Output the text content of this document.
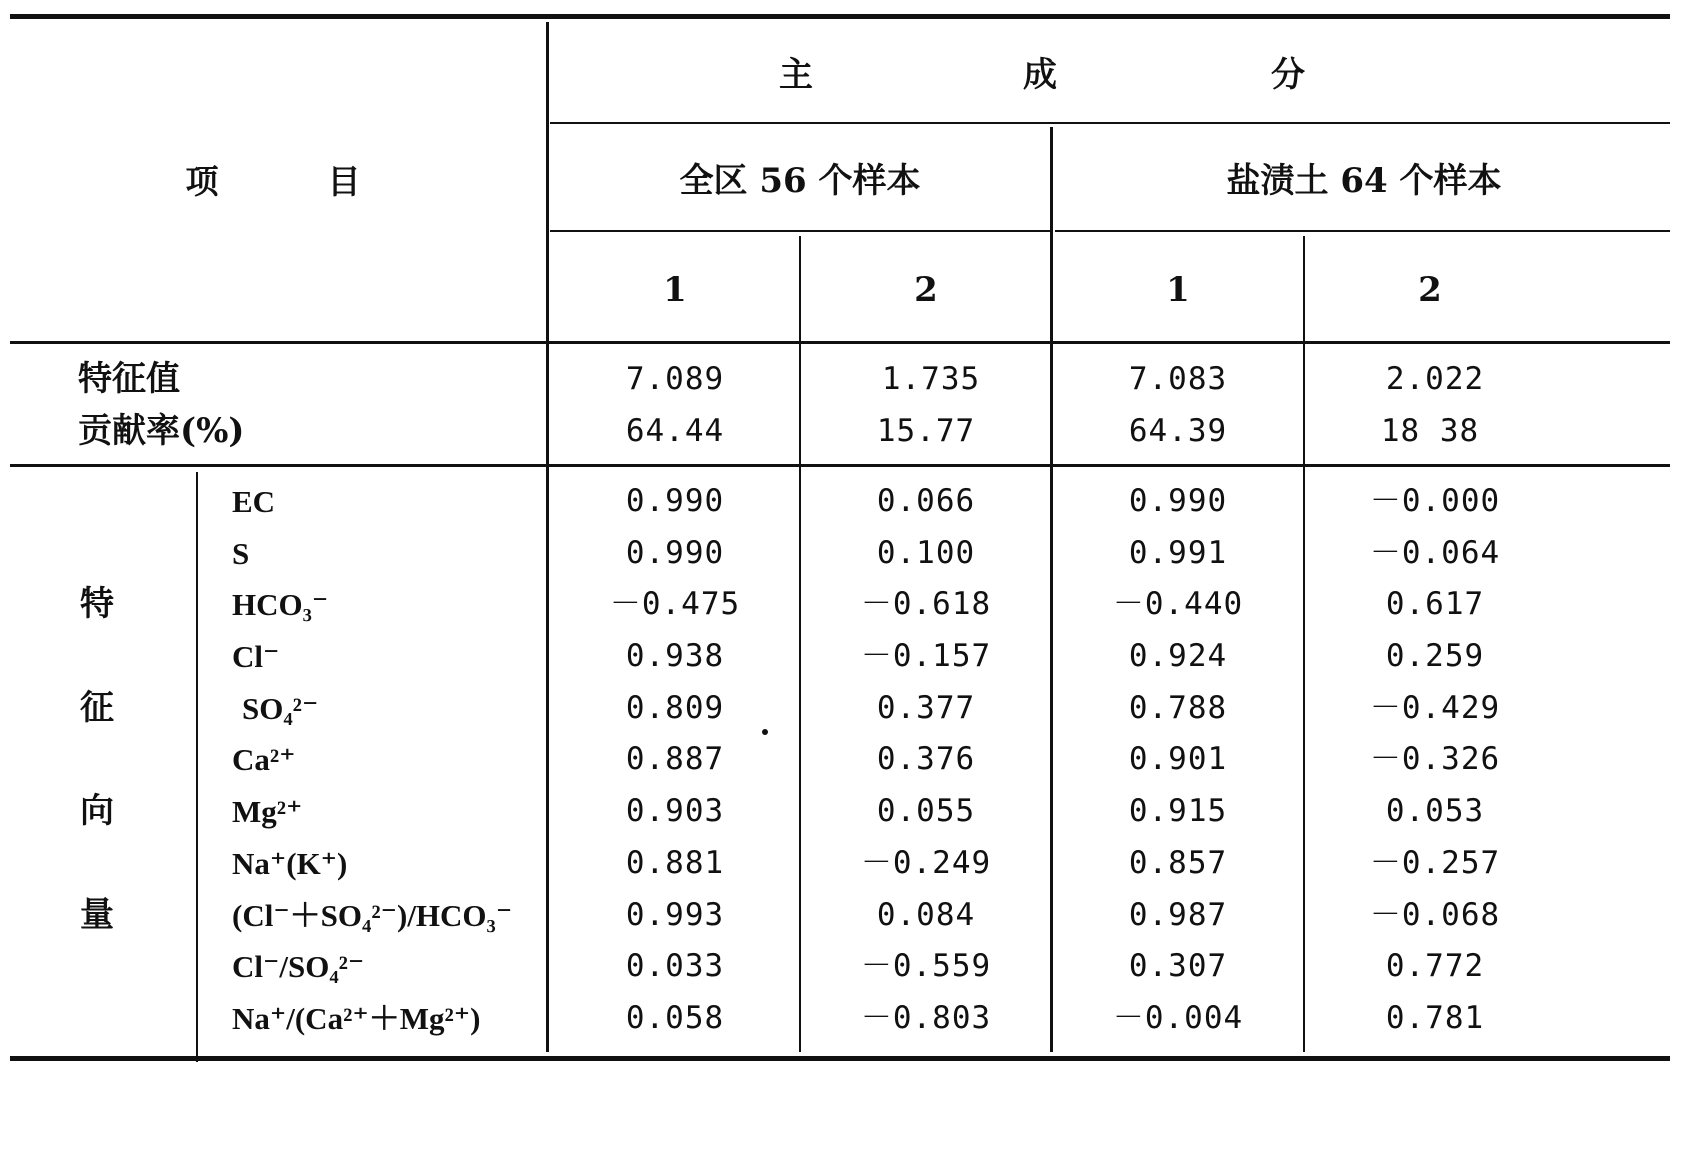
项	目
主	成	分
全区 56 个样本	盐渍土 64 个样本
1	2	1	2
特征值	7.089	1.735	7.083	2.022
贡献率(%)	64.44	15.77	64.39	18 38
特
征
向
量
EC	0.990	0.066	0.990	－0.000
S	0.990	0.100	0.991	－0.064
HCO₃⁻	－0.475	－0.618	－0.440	0.617
Cl⁻	0.938	－0.157	0.924	0.259
SO₄²⁻	0.809	0.377	0.788	－0.429
Ca²⁺	0.887	0.376	0.901	－0.326
Mg²⁺	0.903	0.055	0.915	0.053
Na⁺(K⁺)	0.881	－0.249	0.857	－0.257
(Cl⁻＋SO₄²⁻)/HCO₃⁻	0.993	0.084	0.987	－0.068
Cl⁻/SO₄²⁻	0.033	－0.559	0.307	0.772
Na⁺/(Ca²⁺＋Mg²⁺)	0.058	－0.803	－0.004	0.781
